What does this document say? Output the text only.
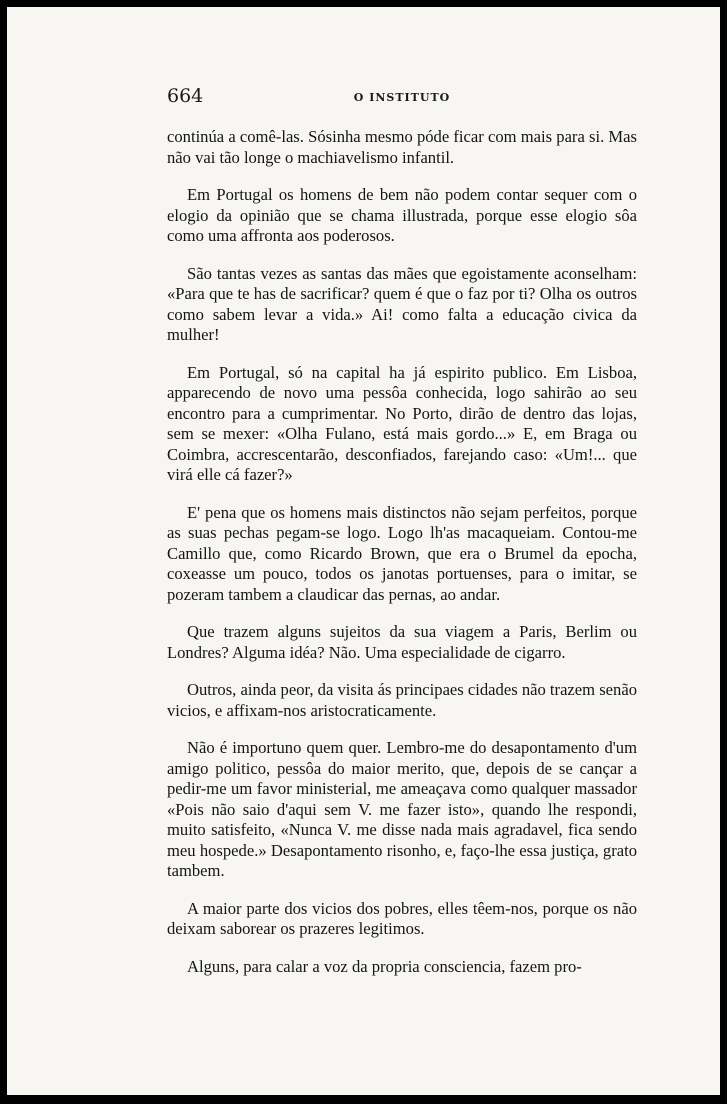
664	O INSTITUTO

continúa a comê-las. Sósinha mesmo póde ficar com mais para si. Mas não vai tão longe o machiavelismo infantil.

Em Portugal os homens de bem não podem contar sequer com o elogio da opinião que se chama illustrada, porque esse elogio sôa como uma affronta aos poderosos.

São tantas vezes as santas das mães que egoistamente aconselham: «Para que te has de sacrificar? quem é que o faz por ti? Olha os outros como sabem levar a vida.» Ai! como falta a educação civica da mulher!

Em Portugal, só na capital ha já espirito publico. Em Lisboa, apparecendo de novo uma pessôa conhecida, logo sahirão ao seu encontro para a cumprimentar. No Porto, dirão de dentro das lojas, sem se mexer: «Olha Fulano, está mais gordo...» E, em Braga ou Coimbra, accrescentarão, desconfiados, farejando caso: «Um!... que virá elle cá fazer?»

E' pena que os homens mais distinctos não sejam perfeitos, porque as suas pechas pegam-se logo. Logo lh'as macaqueiam. Contou-me Camillo que, como Ricardo Brown, que era o Brumel da epocha, coxeasse um pouco, todos os janotas portuenses, para o imitar, se pozeram tambem a claudicar das pernas, ao andar.

Que trazem alguns sujeitos da sua viagem a Paris, Berlim ou Londres? Alguma idéa? Não. Uma especialidade de cigarro.

Outros, ainda peor, da visita ás principaes cidades não trazem senão vicios, e affixam-nos aristocraticamente.

Não é importuno quem quer. Lembro-me do desapontamento d'um amigo politico, pessôa do maior merito, que, depois de se cançar a pedir-me um favor ministerial, me ameaçava como qualquer massador «Pois não saio d'aqui sem V. me fazer isto», quando lhe respondi, muito satisfeito, «Nunca V. me disse nada mais agradavel, fica sendo meu hospede.» Desapontamento risonho, e, faço-lhe essa justiça, grato tambem.

A maior parte dos vicios dos pobres, elles têem-nos, porque os não deixam saborear os prazeres legitimos.

Alguns, para calar a voz da propria consciencia, fazem pro-
